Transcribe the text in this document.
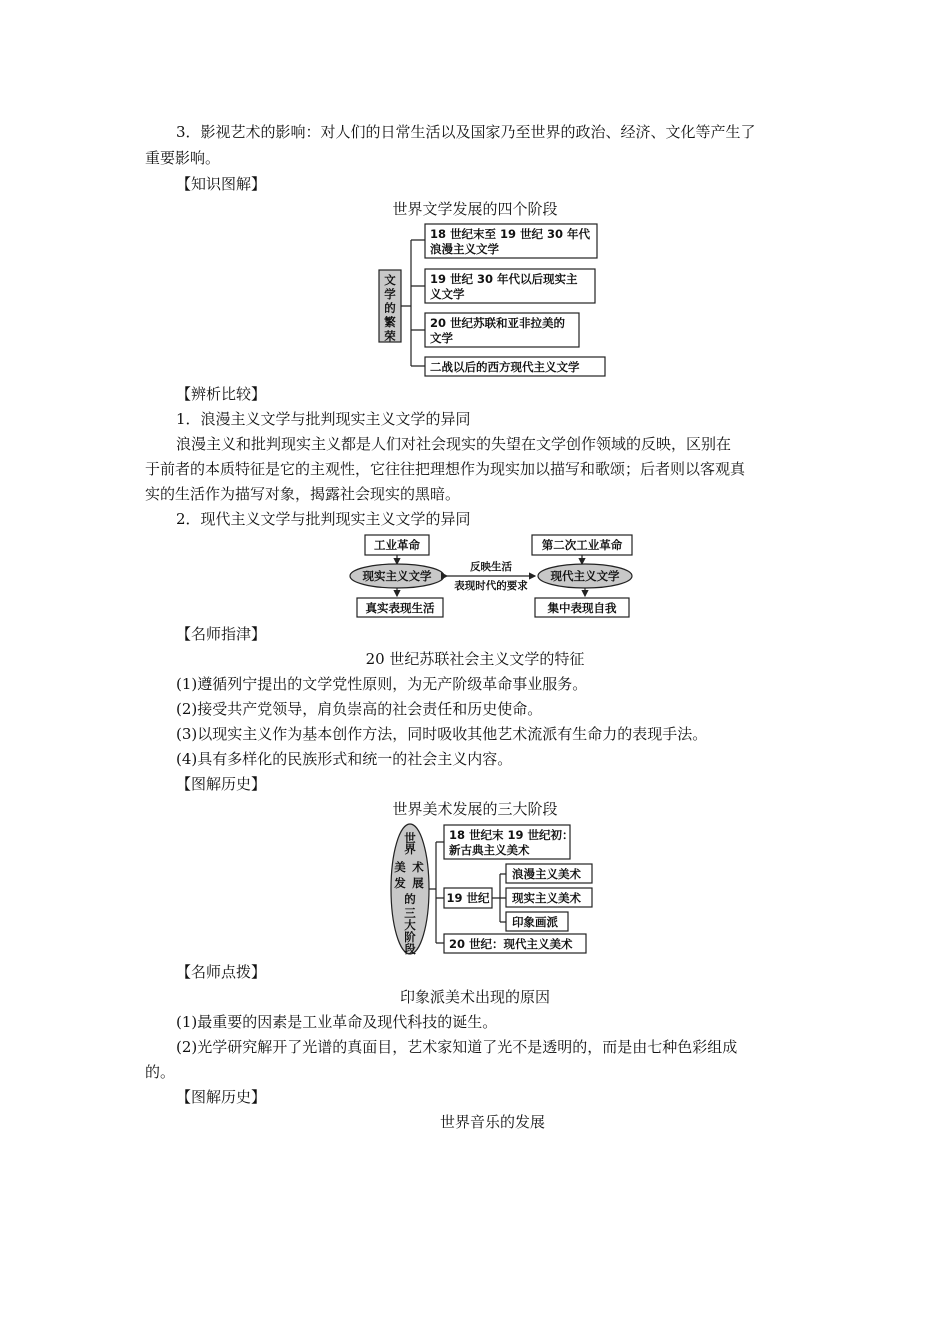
3．影视艺术的影响：对人们的日常生活以及国家乃至世界的政治、经济、文化等产生了
重要影响。
【知识图解】
世界文学发展的四个阶段
文
学
的
繁
荣
18 世纪末至 19 世纪 30 年代
浪漫主义文学
19 世纪 30 年代以后现实主
义文学
20 世纪苏联和亚非拉美的
文学
二战以后的西方现代主义文学
【辨析比较】
1．浪漫主义文学与批判现实主义文学的异同
浪漫主义和批判现实主义都是人们对社会现实的失望在文学创作领域的反映，区别在
于前者的本质特征是它的主观性，它往往把理想作为现实加以描写和歌颂；后者则以客观真
实的生活作为描写对象，揭露社会现实的黑暗。
2．现代主义文学与批判现实主义文学的异同
工业革命
现实主义文学
真实表现生活
第二次工业革命
现代主义文学
集中表现自我
反映生活
表现时代的要求
【名师指津】
20 世纪苏联社会主义文学的特征
(1)遵循列宁提出的文学党性原则，为无产阶级革命事业服务。
(2)接受共产党领导，肩负崇高的社会责任和历史使命。
(3)以现实主义作为基本创作方法，同时吸收其他艺术流派有生命力的表现手法。
(4)具有多样化的民族形式和统一的社会主义内容。
【图解历史】
世界美术发展的三大阶段
世
界
美 术
发 展
的
三
大
阶
段
18 世纪末 19 世纪初：
新古典主义美术
19 世纪
浪漫主义美术
现实主义美术
印象画派
20 世纪：现代主义美术
【名师点拨】
印象派美术出现的原因
(1)最重要的因素是工业革命及现代科技的诞生。
(2)光学研究解开了光谱的真面目，艺术家知道了光不是透明的，而是由七种色彩组成
的。
【图解历史】
世界音乐的发展
